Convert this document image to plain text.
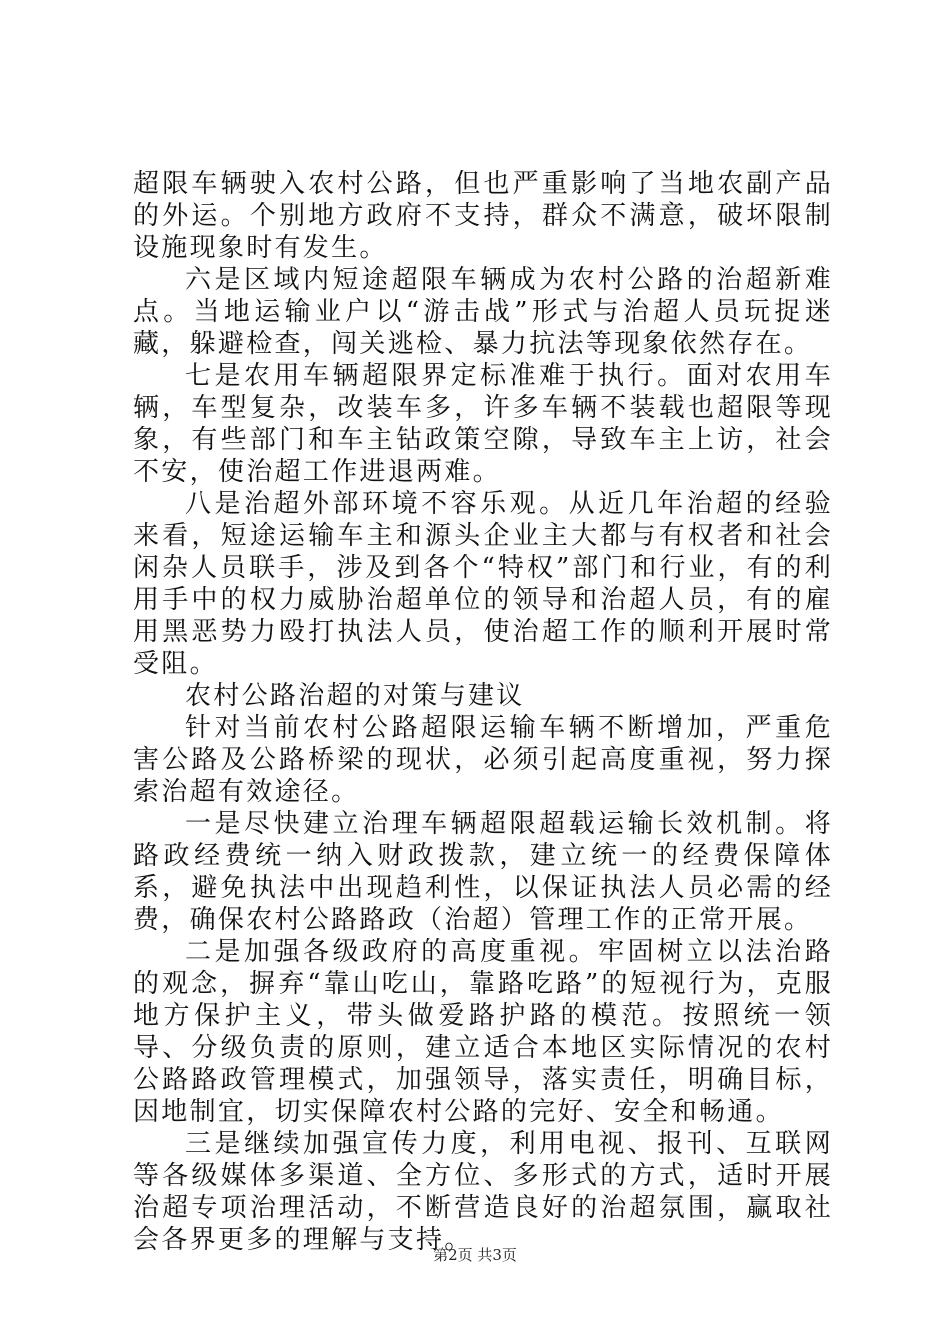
超限车辆驶入农村公路，但也严重影响了当地农副产品的外运。个别地方政府不支持，群众不满意，破坏限制设施现象时有发生。

六是区域内短途超限车辆成为农村公路的治超新难点。当地运输业户以“游击战”形式与治超人员玩捉迷藏，躲避检查，闯关逃检、暴力抗法等现象依然存在。

七是农用车辆超限界定标准难于执行。面对农用车辆，车型复杂，改装车多，许多车辆不装载也超限等现象，有些部门和车主钻政策空隙，导致车主上访，社会不安，使治超工作进退两难。

八是治超外部环境不容乐观。从近几年治超的经验来看，短途运输车主和源头企业主大都与有权者和社会闲杂人员联手，涉及到各个“特权”部门和行业，有的利用手中的权力威胁治超单位的领导和治超人员，有的雇用黑恶势力殴打执法人员，使治超工作的顺利开展时常受阻。

农村公路治超的对策与建议

针对当前农村公路超限运输车辆不断增加，严重危害公路及公路桥梁的现状，必须引起高度重视，努力探索治超有效途径。

一是尽快建立治理车辆超限超载运输长效机制。将路政经费统一纳入财政拨款，建立统一的经费保障体系，避免执法中出现趋利性，以保证执法人员必需的经费，确保农村公路路政（治超）管理工作的正常开展。

二是加强各级政府的高度重视。牢固树立以法治路的观念，摒弃“靠山吃山，靠路吃路”的短视行为，克服地方保护主义，带头做爱路护路的模范。按照统一领导、分级负责的原则，建立适合本地区实际情况的农村公路路政管理模式，加强领导，落实责任，明确目标，因地制宜，切实保障农村公路的完好、安全和畅通。

三是继续加强宣传力度，利用电视、报刊、互联网等各级媒体多渠道、全方位、多形式的方式，适时开展治超专项治理活动，不断营造良好的治超氛围，赢取社会各界更多的理解与支持。

第2页 共3页
